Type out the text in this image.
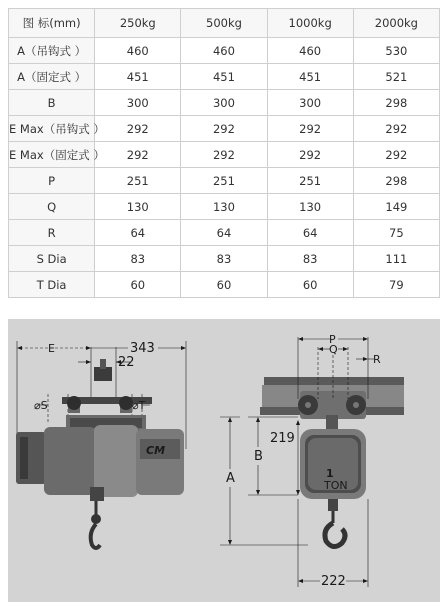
图 标(mm)	250kg	500kg	1000kg	2000kg
A（吊钩式 ）	460	460	460	530
A（固定式 ）	451	451	451	521
B	300	300	300	298
E Max（吊钩式 ）	292	292	292	292
E Max（固定式 ）	292	292	292	292
P	251	251	251	298
Q	130	130	130	149
R	64	64	64	75
S Dia	83	83	83	111
T Dia	60	60	60	79
CM
E	343
22
⌀S	⌀T
1
TON
P
Q
R
B
A
219
222
